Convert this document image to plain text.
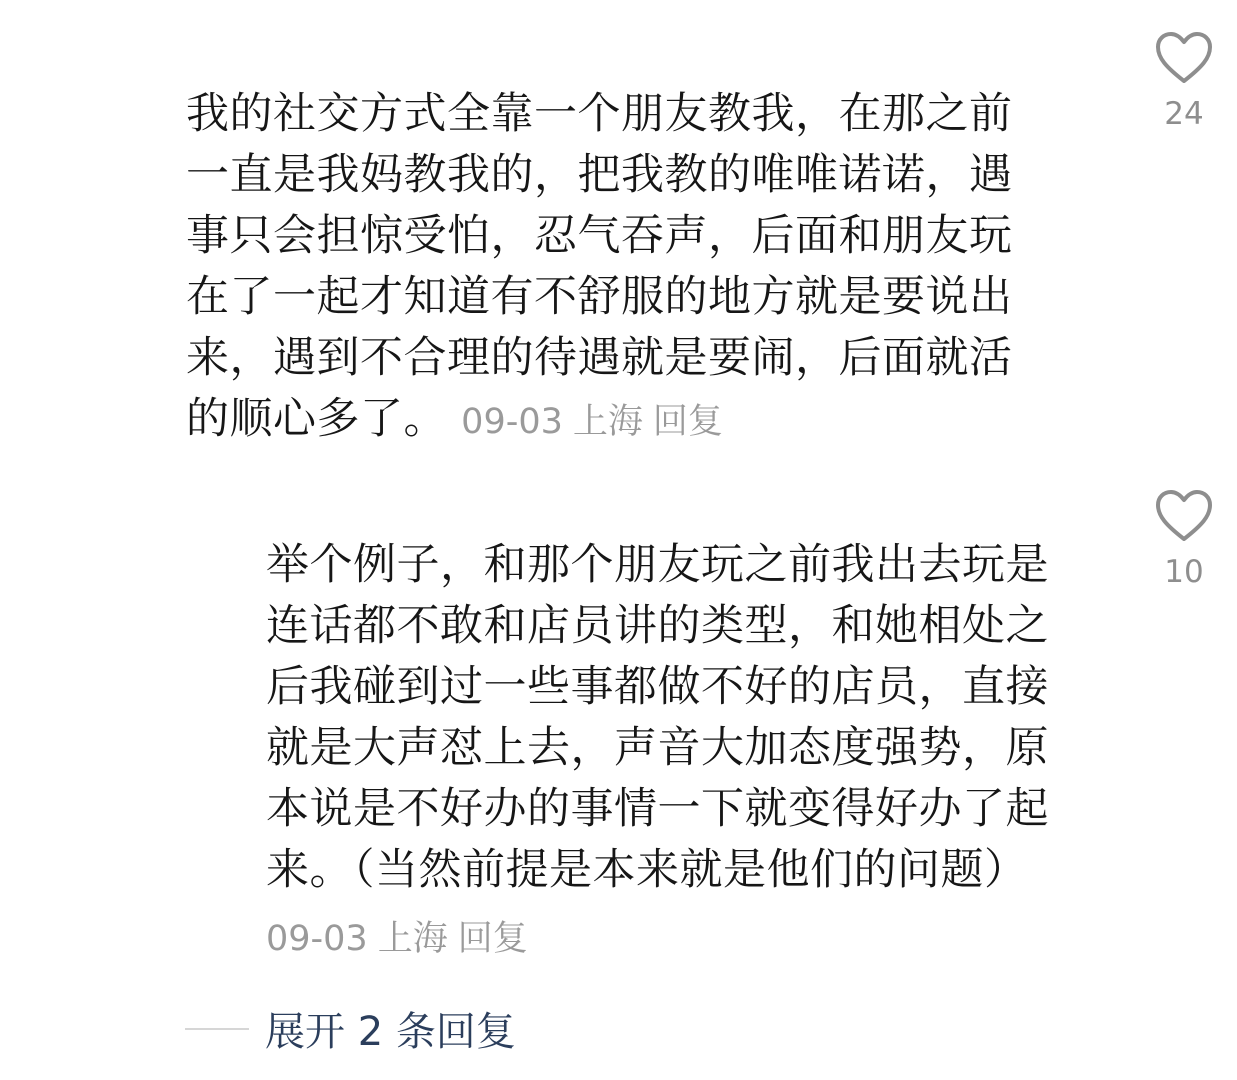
我的社交方式全靠一个朋友教我，在那之前
一直是我妈教我的，把我教的唯唯诺诺，遇
事只会担惊受怕，忍气吞声，后面和朋友玩
在了一起才知道有不舒服的地方就是要说出
来，遇到不合理的待遇就是要闹，后面就活
的顺心多了。 09-03 上海 回复
24
举个例子，和那个朋友玩之前我出去玩是
连话都不敢和店员讲的类型，和她相处之
后我碰到过一些事都做不好的店员，直接
就是大声怼上去，声音大加态度强势，原
本说是不好办的事情一下就变得好办了起
来。（当然前提是本来就是他们的问题）
09-03 上海 回复
10
展开 2 条回复
